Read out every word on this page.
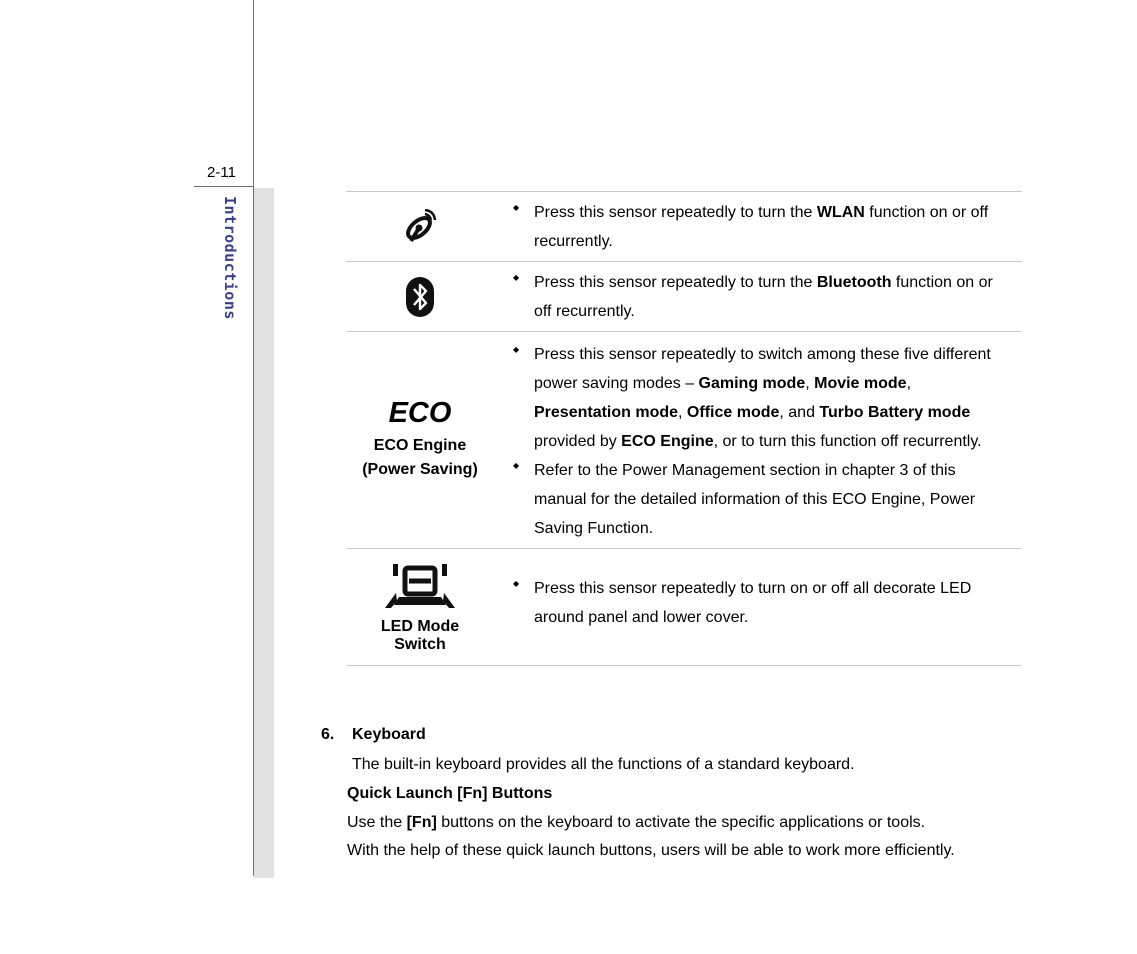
2-11
Introductions
◆	Press this sensor repeatedly to turn the WLAN function on or off recurrently.
◆ Press this sensor repeatedly to turn the Bluetooth function on or off recurrently.
ECO
ECO Engine
(Power Saving)
◆ Press this sensor repeatedly to switch among these five different power saving modes – Gaming mode, Movie mode, Presentation mode, Office mode, and Turbo Battery mode provided by ECO Engine, or to turn this function off recurrently.
◆ Refer to the Power Management section in chapter 3 of this manual for the detailed information of this ECO Engine, Power Saving Function.
LED Mode
Switch
◆ Press this sensor repeatedly to turn on or off all decorate LED around panel and lower cover.
6. Keyboard
The built-in keyboard provides all the functions of a standard keyboard.
Quick Launch [Fn] Buttons
Use the [Fn] buttons on the keyboard to activate the specific applications or tools.
With the help of these quick launch buttons, users will be able to work more efficiently.
